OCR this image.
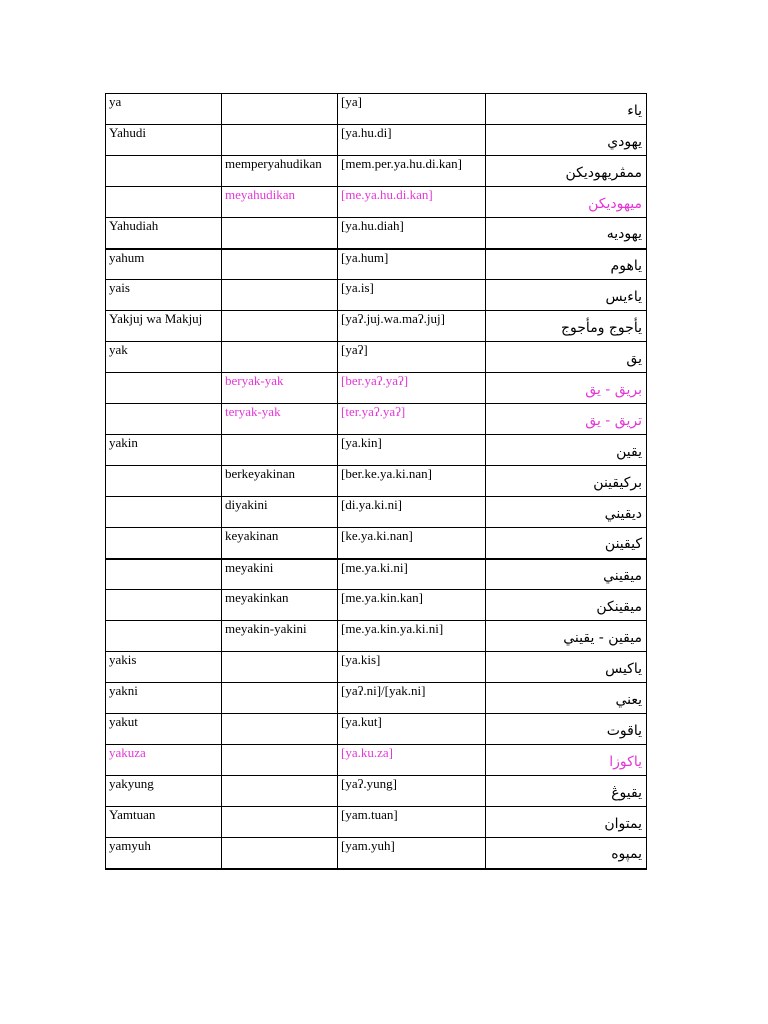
ya		[ya]	ياء
Yahudi		[ya.hu.di]	يهودي
	memperyahudikan	[mem.per.ya.hu.di.kan]	ممڤريهوديکن
	meyahudikan	[me.ya.hu.di.kan]	ميهوديکن
Yahudiah		[ya.hu.diah]	يهوديه
yahum		[ya.hum]	ياهوم
yais		[ya.is]	ياءيس
Yakjuj wa Makjuj		[yaʔ.juj.wa.maʔ.juj]	يأجوج ومأجوج
yak		[yaʔ]	يق
	beryak-yak	[ber.yaʔ.yaʔ]	بريق - يق
	teryak-yak	[ter.yaʔ.yaʔ]	تريق - يق
yakin		[ya.kin]	يقين
	berkeyakinan	[ber.ke.ya.ki.nan]	برکيقينن
	diyakini	[di.ya.ki.ni]	ديقيني
	keyakinan	[ke.ya.ki.nan]	کيقينن
	meyakini	[me.ya.ki.ni]	ميقيني
	meyakinkan	[me.ya.kin.kan]	ميقينکن
	meyakin-yakini	[me.ya.kin.ya.ki.ni]	ميقين - يقيني
yakis		[ya.kis]	ياکيس
yakni		[yaʔ.ni]/[yak.ni]	يعني
yakut		[ya.kut]	ياقوت
yakuza		[ya.ku.za]	ياکوزا
yakyung		[yaʔ.yung]	يقيوڠ
Yamtuan		[yam.tuan]	يمتوان
yamyuh		[yam.yuh]	يمڽوه
